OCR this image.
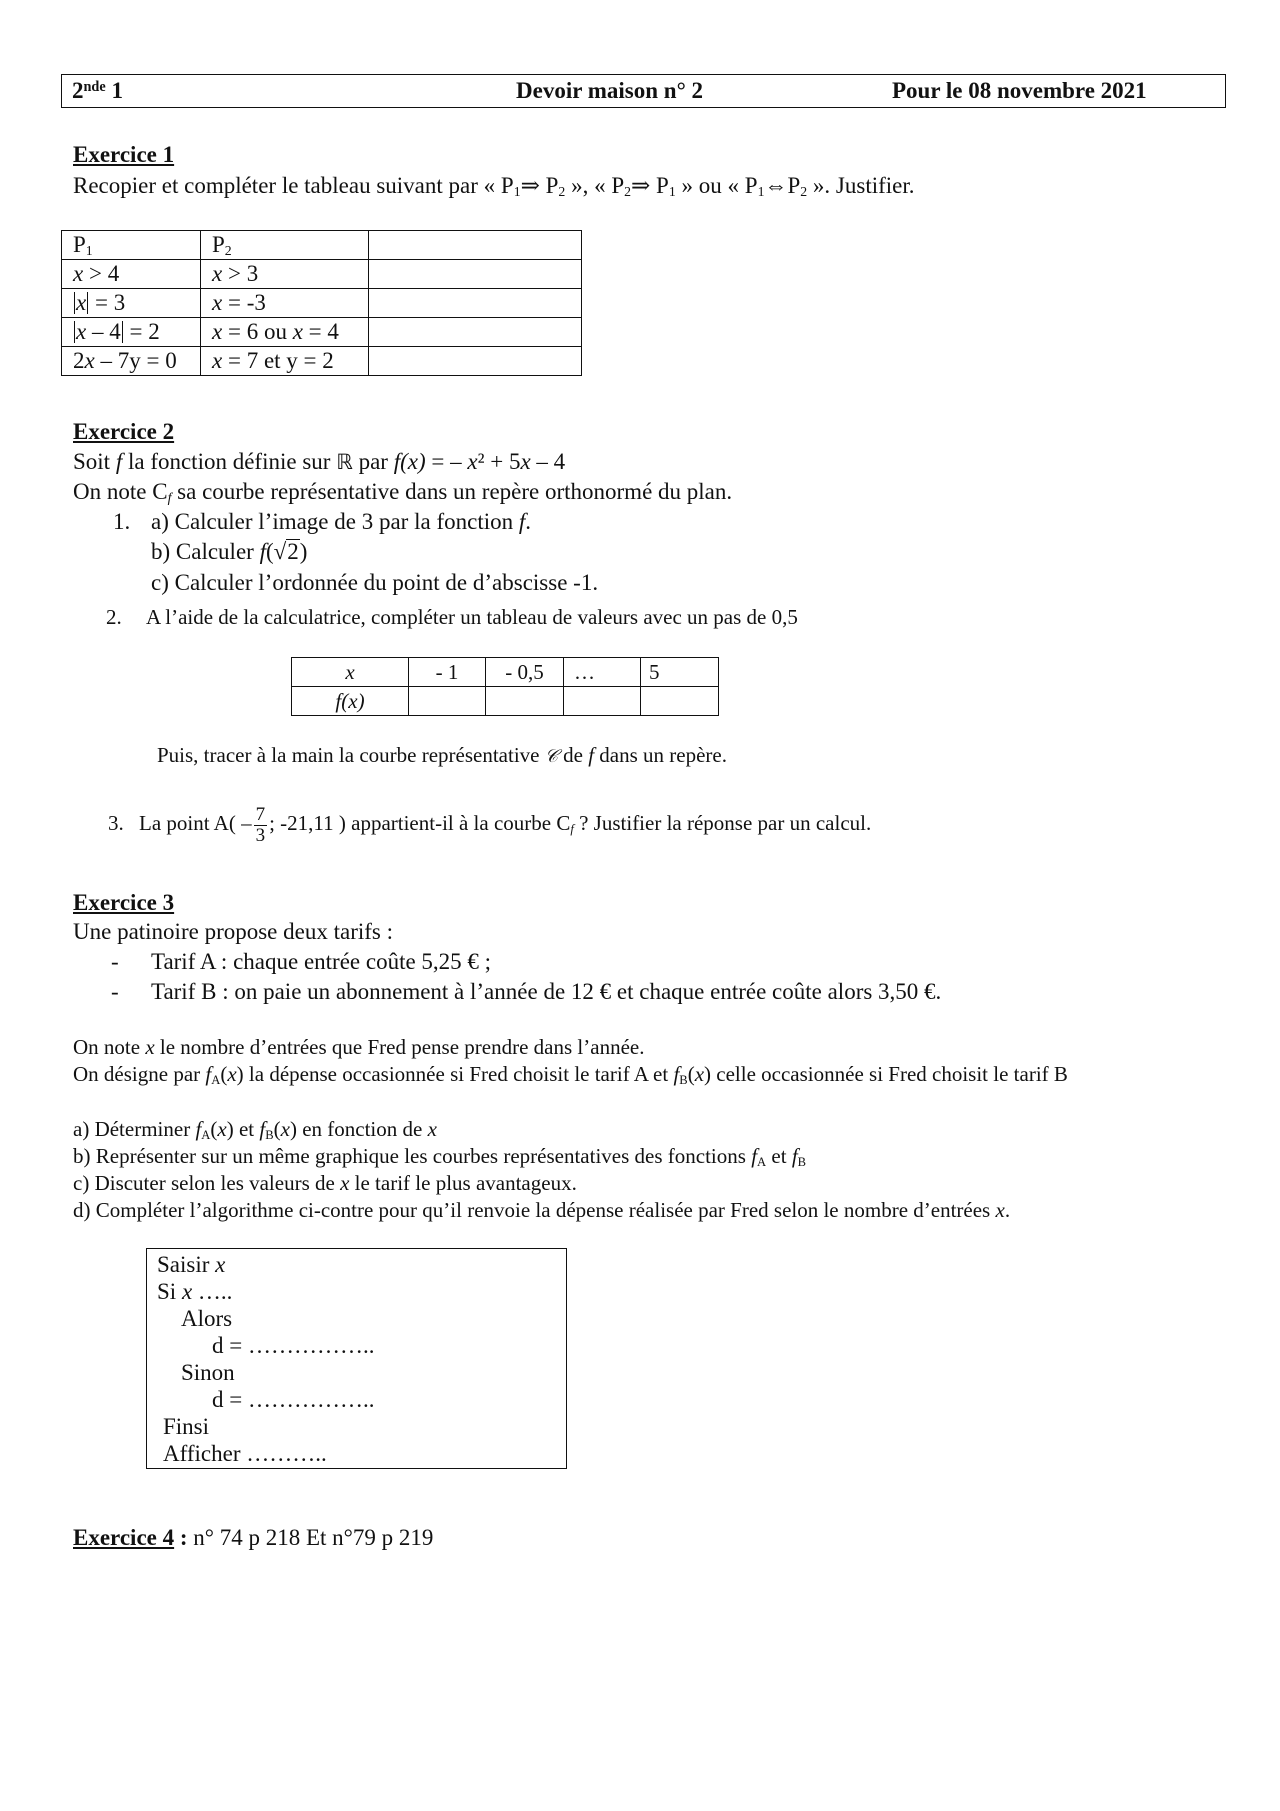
2nde 1	Devoir maison n° 2	Pour le 08 novembre 2021
Exercice 1
Recopier et compléter le tableau suivant par « $P_1\Rightarrow$ $P_2$ », « $P_2\Rightarrow$ $P_1$ » ou « $P_1\Leftrightarrow P_2$ ». Justifier.
$P_1$	$P_2$	
x > 4	x > 3	
x = 3	x = -3	
x – 4 = 2	x = 6 ou x = 4	
2x – 7y = 0	x = 7 et y = 2	
Exercice 2
Soit f la fonction définie sur ℝ par f(x) = – x² + 5x – 4
On note $C_f$ sa courbe représentative dans un repère orthonormé du plan.
1. a) Calculer l’image de 3 par la fonction f.
b) Calculer f(√2)
c) Calculer l’ordonnée du point de d’abscisse -1.
2. A l’aide de la calculatrice, compléter un tableau de valeurs avec un pas de 0,5
x	- 1	- 0,5	…	5
f(x)				
Puis, tracer à la main la courbe représentative 𝒞 de f dans un repère.
3. La point $A( - \frac{7}{3}$ ; -21,11 ) appartient-il à la courbe $C_f$ ? Justifier la réponse par un calcul.
Exercice 3
Une patinoire propose deux tarifs :
- Tarif A : chaque entrée coûte 5,25 € ;
- Tarif B : on paie un abonnement à l’année de 12 € et chaque entrée coûte alors 3,50 €.
On note x le nombre d’entrées que Fred pense prendre dans l’année.
On désigne par $f_A(x)$ la dépense occasionnée si Fred choisit le tarif A et $f_B(x)$ celle occasionnée si Fred choisit le tarif B
a) Déterminer $f_A(x)$ et $f_B(x)$ en fonction de x
b) Représenter sur un même graphique les courbes représentatives des fonctions $f_A$ et $f_B$
c) Discuter selon les valeurs de x le tarif le plus avantageux.
d) Compléter l’algorithme ci-contre pour qu’il renvoie la dépense réalisée par Fred selon le nombre d’entrées x.
Saisir x
Si x …..
Alors
d = ……………..
Sinon
d = ……………..
Finsi
Afficher ………..
Exercice 4 : n° 74 p 218 Et n°79 p 219
